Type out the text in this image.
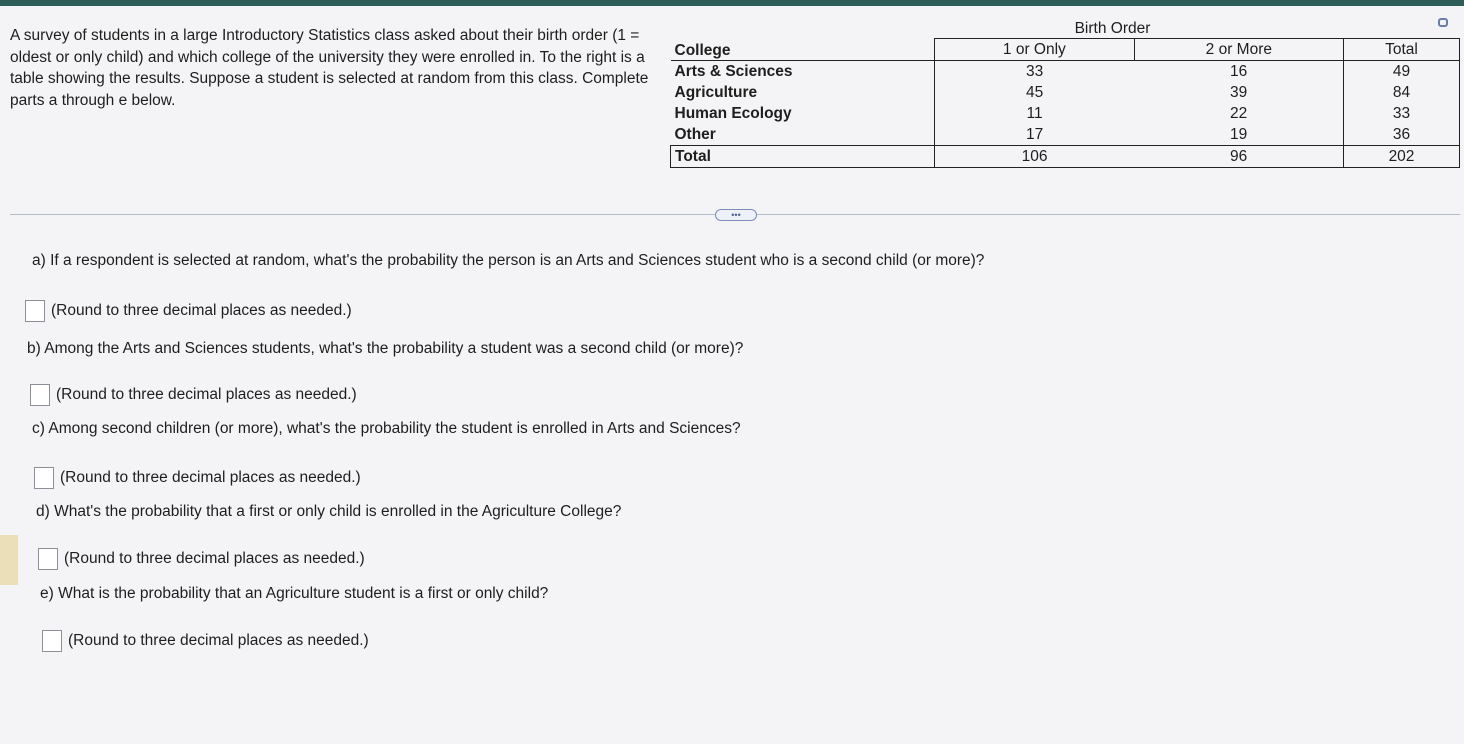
A survey of students in a large Introductory Statistics class asked about their birth order (1 = oldest or only child) and which college of the university they were enrolled in. To the right is a table showing the results. Suppose a student is selected at random from this class. Complete parts a through e below.

Birth Order
College	1 or Only	2 or More	Total
Arts & Sciences	33	16	49
Agriculture	45	39	84
Human Ecology	11	22	33
Other	17	19	36
Total	106	96	202
•••

a) If a respondent is selected at random, what's the probability the person is an Arts and Sciences student who is a second child (or more)?

(Round to three decimal places as needed.)

b) Among the Arts and Sciences students, what's the probability a student was a second child (or more)?

(Round to three decimal places as needed.)

c) Among second children (or more), what's the probability the student is enrolled in Arts and Sciences?

(Round to three decimal places as needed.)

d) What's the probability that a first or only child is enrolled in the Agriculture College?

(Round to three decimal places as needed.)

e) What is the probability that an Agriculture student is a first or only child?

(Round to three decimal places as needed.)
